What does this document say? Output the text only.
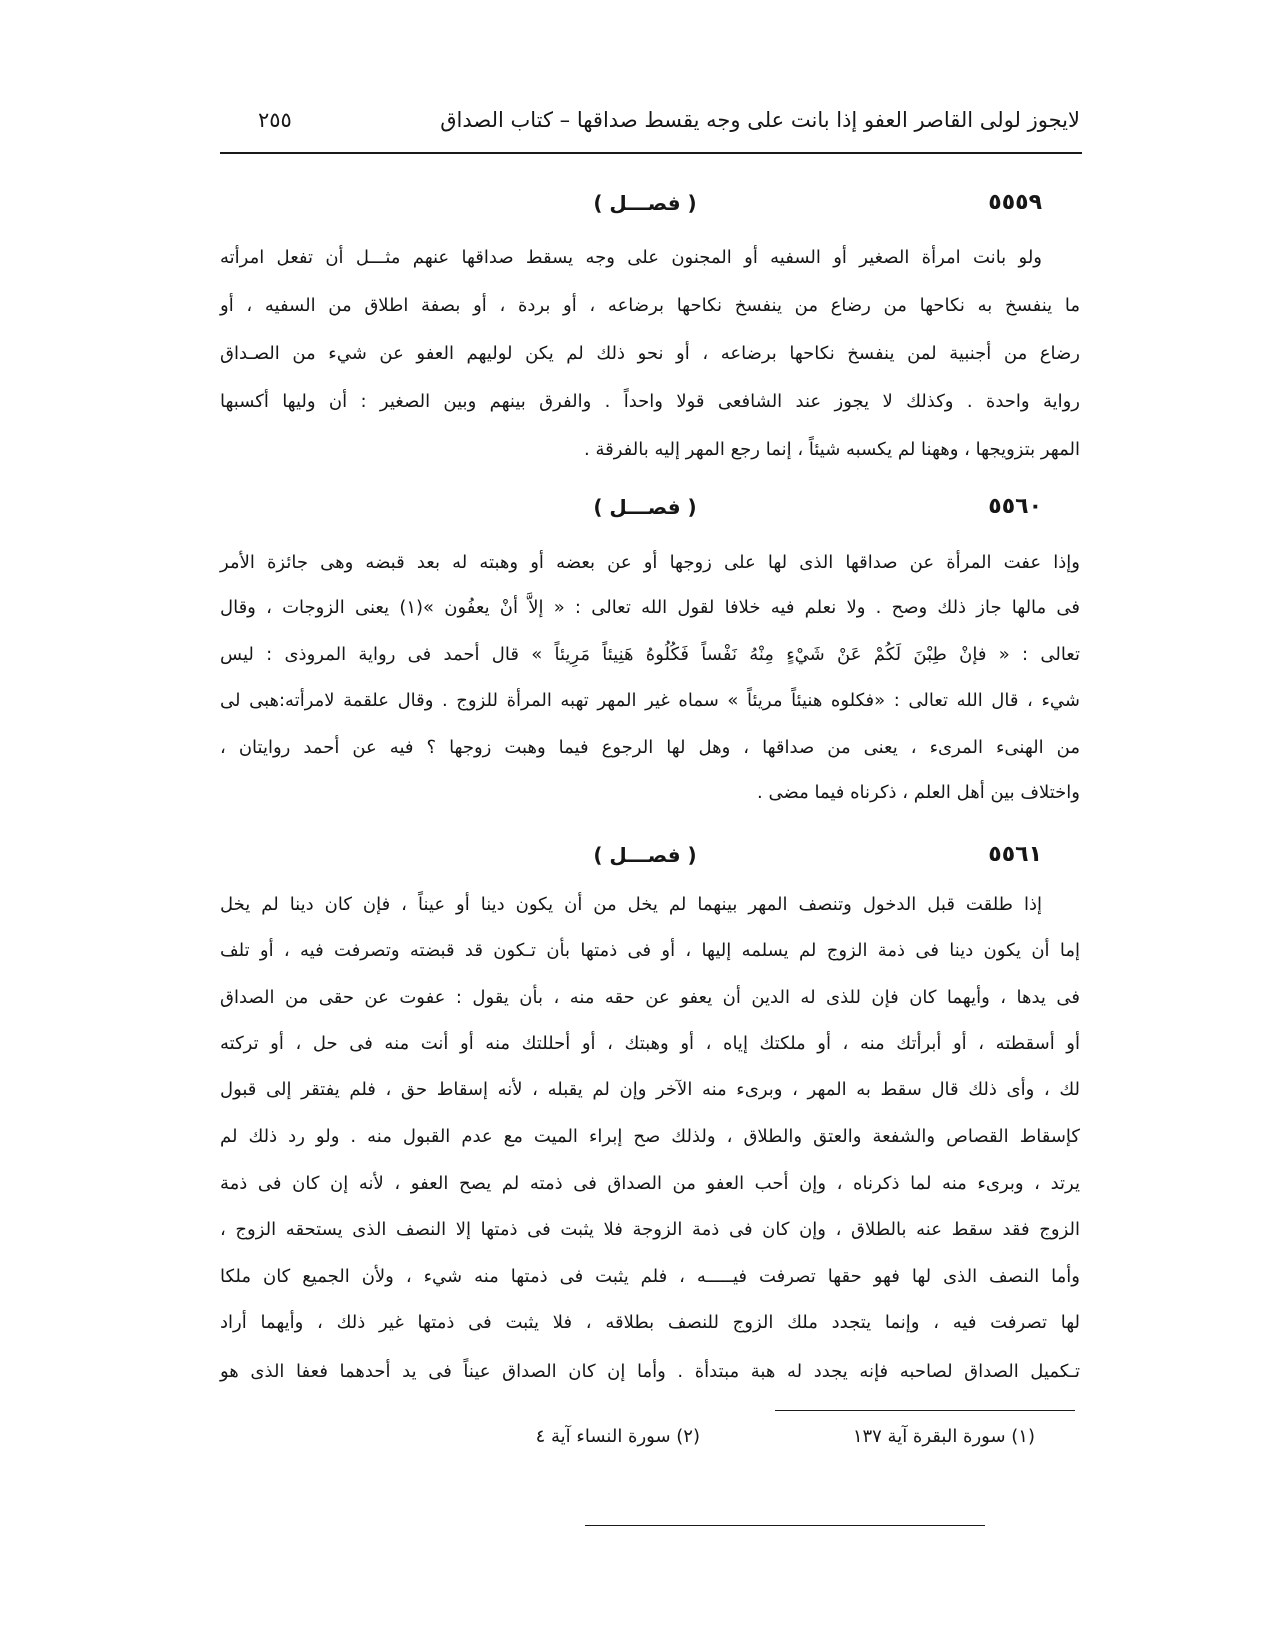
لايجوز لولى القاصر العفو إذا بانت على وجه يقسط صداقها – كتاب الصداق
٢٥٥
٥٥٥٩
( فصـــل )
ولو بانت امرأة الصغير أو السفيه أو المجنون على وجه يسقط صداقها عنهم مثـــل أن تفعل امرأته
ما ينفسخ به نكاحها من رضاع من ينفسخ نكاحها برضاعه ، أو بردة ، أو بصفة اطلاق من السفيه ، أو
رضاع من أجنبية لمن ينفسخ نكاحها برضاعه ، أو نحو ذلك لم يكن لوليهم العفو عن شيء من الصـداق
رواية واحدة . وكذلك لا يجوز عند الشافعى قولا واحداً . والفرق بينهم وبين الصغير : أن وليها أكسبها
المهر بتزويجها ، وههنا لم يكسبه شيئاً ، إنما رجع المهر إليه بالفرقة .
٥٥٦٠
( فصـــل )
وإذا عفت المرأة عن صداقها الذى لها على زوجها أو عن بعضه أو وهبته له بعد قبضه وهى جائزة الأمر
فى مالها جاز ذلك وصح . ولا نعلم فيه خلافا لقول الله تعالى : « إلاَّ أنْ يعفُون »(١) يعنى الزوجات ، وقال
تعالى : « فإنْ طِبْنَ لَكُمْ عَنْ شَيْءٍ مِنْهُ نَفْساً فَكُلُوهُ هَنِيئاً مَرِيئاً » قال أحمد فى رواية المروذى : ليس
شيء ، قال الله تعالى : «فكلوه هنيئاً مريئاً » سماه غير المهر تهبه المرأة للزوج . وقال علقمة لامرأته:هبى لى
من الهنىء المرىء ، يعنى من صداقها ، وهل لها الرجوع فيما وهبت زوجها ؟ فيه عن أحمد روايتان ،
واختلاف بين أهل العلم ، ذكرناه فيما مضى .
٥٥٦١
( فصـــل )
إذا طلقت قبل الدخول وتنصف المهر بينهما لم يخل من أن يكون دينا أو عيناً ، فإن كان دينا لم يخل
إما أن يكون دينا فى ذمة الزوج لم يسلمه إليها ، أو فى ذمتها بأن تـكون قد قبضته وتصرفت فيه ، أو تلف
فى يدها ، وأيهما كان فإن للذى له الدين أن يعفو عن حقه منه ، بأن يقول : عفوت عن حقى من الصداق
أو أسقطته ، أو أبرأتك منه ، أو ملكتك إياه ، أو وهبتك ، أو أحللتك منه أو أنت منه فى حل ، أو تركته
لك ، وأى ذلك قال سقط به المهر ، وبرىء منه الآخر وإن لم يقبله ، لأنه إسقاط حق ، فلم يفتقر إلى قبول
كإسقاط القصاص والشفعة والعتق والطلاق ، ولذلك صح إبراء الميت مع عدم القبول منه . ولو رد ذلك لم
يرتد ، وبرىء منه لما ذكرناه ، وإن أحب العفو من الصداق فى ذمته لم يصح العفو ، لأنه إن كان فى ذمة
الزوج فقد سقط عنه بالطلاق ، وإن كان فى ذمة الزوجة فلا يثبت فى ذمتها إلا النصف الذى يستحقه الزوج ،
وأما النصف الذى لها فهو حقها تصرفت فيـــــه ، فلم يثبت فى ذمتها منه شيء ، ولأن الجميع كان ملكا
لها تصرفت فيه ، وإنما يتجدد ملك الزوج للنصف بطلاقه ، فلا يثبت فى ذمتها غير ذلك ، وأيهما أراد
تـكميل الصداق لصاحبه فإنه يجدد له هبة مبتدأة . وأما إن كان الصداق عيناً فى يد أحدهما فعفا الذى هو
(١) سورة البقرة آية ١٣٧
(٢) سورة النساء آية ٤
